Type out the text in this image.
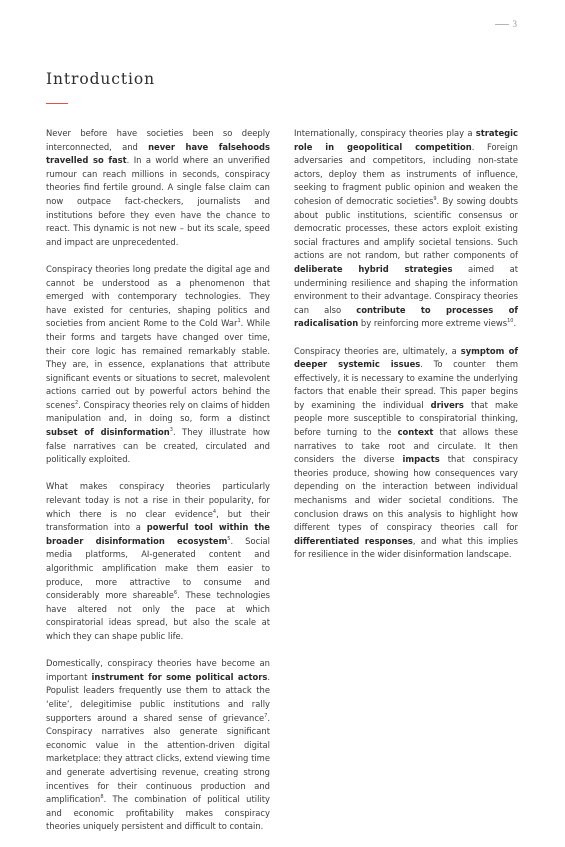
3
Introduction

Never before have societies been so deeply interconnected, and never have falsehoods travelled so fast. In a world where an unverified rumour can reach millions in seconds, conspiracy theories find fertile ground. A single false claim can now outpace fact-checkers, journalists and institutions before they even have the chance to react. This dynamic is not new – but its scale, speed and impact are unprecedented.

Conspiracy theories long predate the digital age and cannot be understood as a phenomenon that emerged with contemporary technologies. They have existed for centuries, shaping politics and societies from ancient Rome to the Cold War$^1$. While their forms and targets have changed over time, their core logic has remained remarkably stable. They are, in essence, explanations that attribute significant events or situations to secret, malevolent actions carried out by powerful actors behind the scenes$^2$. Conspiracy theories rely on claims of hidden manipulation and, in doing so, form a distinct subset of disinformation$^3$. They illustrate how false narratives can be created, circulated and politically exploited.

What makes conspiracy theories particularly relevant today is not a rise in their popularity, for which there is no clear evidence$^4$, but their transformation into a powerful tool within the broader disinformation ecosystem$^5$. Social media platforms, AI-generated content and algorithmic amplification make them easier to produce, more attractive to consume and considerably more shareable$^6$. These technologies have altered not only the pace at which conspiratorial ideas spread, but also the scale at which they can shape public life.

Domestically, conspiracy theories have become an important instrument for some political actors. Populist leaders frequently use them to attack the ‘elite’, delegitimise public institutions and rally supporters around a shared sense of grievance$^7$. Conspiracy narratives also generate significant economic value in the attention-driven digital marketplace: they attract clicks, extend viewing time and generate advertising revenue, creating strong incentives for their continuous production and amplification$^8$. The combination of political utility and economic profitability makes conspiracy theories uniquely persistent and difficult to contain.

Internationally, conspiracy theories play a strategic role in geopolitical competition. Foreign adversaries and competitors, including non-state actors, deploy them as instruments of influence, seeking to fragment public opinion and weaken the cohesion of democratic societies$^9$. By sowing doubts about public institutions, scientific consensus or democratic processes, these actors exploit existing social fractures and amplify societal tensions. Such actions are not random, but rather components of deliberate hybrid strategies aimed at undermining resilience and shaping the information environment to their advantage. Conspiracy theories can also contribute to processes of radicalisation by reinforcing more extreme views$^{10}$.

Conspiracy theories are, ultimately, a symptom of deeper systemic issues. To counter them effectively, it is necessary to examine the underlying factors that enable their spread. This paper begins by examining the individual drivers that make people more susceptible to conspiratorial thinking, before turning to the context that allows these narratives to take root and circulate. It then considers the diverse impacts that conspiracy theories produce, showing how consequences vary depending on the interaction between individual mechanisms and wider societal conditions. The conclusion draws on this analysis to highlight how different types of conspiracy theories call for differentiated responses, and what this implies for resilience in the wider disinformation landscape.
